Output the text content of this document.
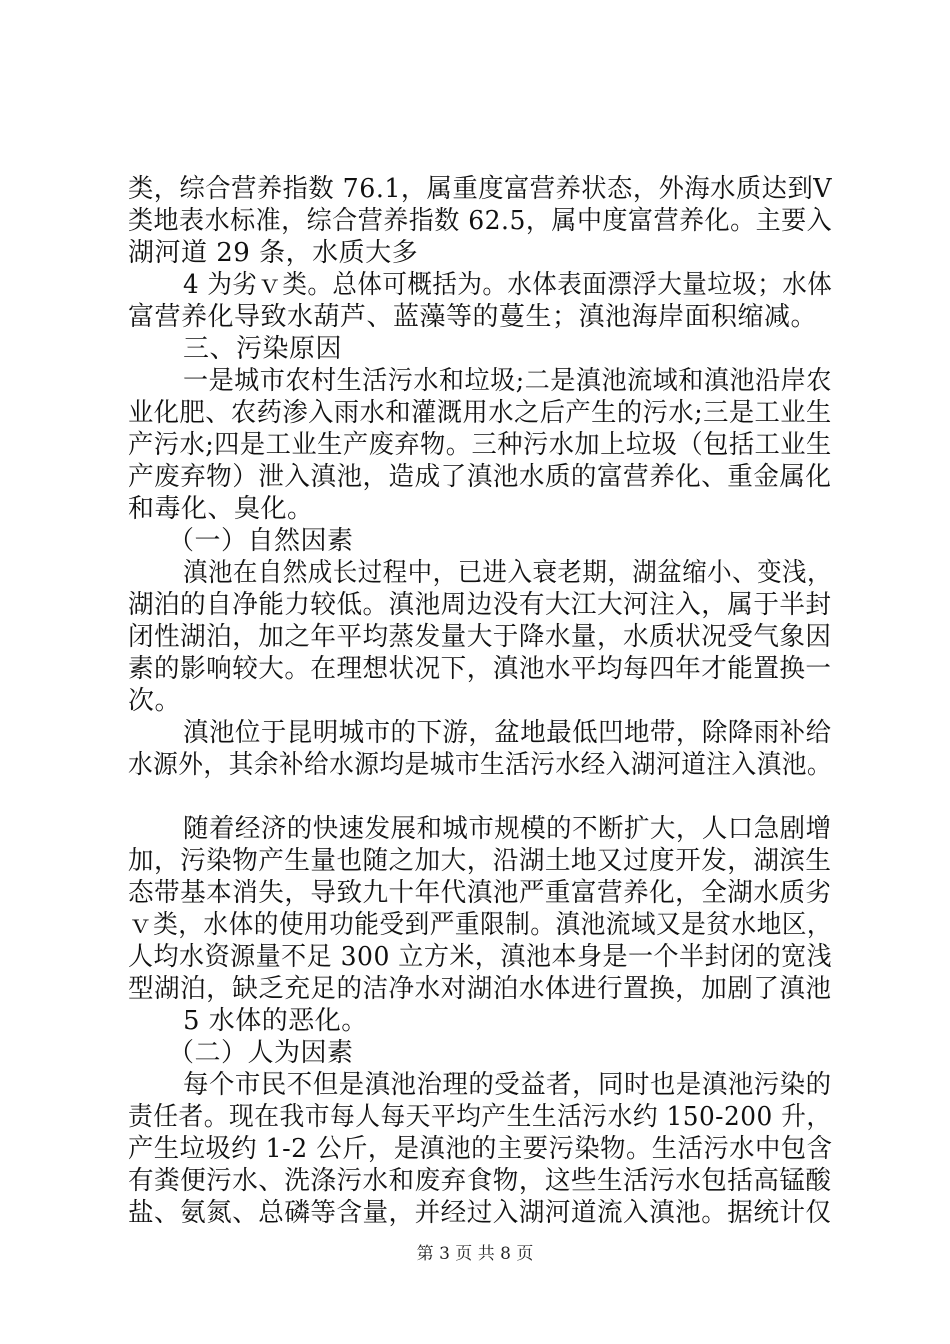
类，综合营养指数 76.1，属重度富营养状态，外海水质达到Ⅴ
类地表水标准，综合营养指数 62.5，属中度富营养化。主要入
湖河道 29 条，水质大多
4 为劣ｖ类。总体可概括为。水体表面漂浮大量垃圾；水体
富营养化导致水葫芦、蓝藻等的蔓生；滇池海岸面积缩减。
三、污染原因
一是城市农村生活污水和垃圾;二是滇池流域和滇池沿岸农
业化肥、农药渗入雨水和灌溉用水之后产生的污水;三是工业生
产污水;四是工业生产废弃物。三种污水加上垃圾（包括工业生
产废弃物）泄入滇池，造成了滇池水质的富营养化、重金属化
和毒化、臭化。
（一）自然因素
滇池在自然成长过程中，已进入衰老期，湖盆缩小、变浅，
湖泊的自净能力较低。滇池周边没有大江大河注入，属于半封
闭性湖泊，加之年平均蒸发量大于降水量，水质状况受气象因
素的影响较大。在理想状况下，滇池水平均每四年才能置换一
次。
滇池位于昆明城市的下游，盆地最低凹地带，除降雨补给
水源外，其余补给水源均是城市生活污水经入湖河道注入滇池。
随着经济的快速发展和城市规模的不断扩大，人口急剧增
加，污染物产生量也随之加大，沿湖土地又过度开发，湖滨生
态带基本消失，导致九十年代滇池严重富营养化，全湖水质劣
ｖ类，水体的使用功能受到严重限制。滇池流域又是贫水地区，
人均水资源量不足 300 立方米，滇池本身是一个半封闭的宽浅
型湖泊，缺乏充足的洁净水对湖泊水体进行置换，加剧了滇池
5 水体的恶化。
（二）人为因素
每个市民不但是滇池治理的受益者，同时也是滇池污染的
责任者。现在我市每人每天平均产生生活污水约 150-200 升，
产生垃圾约 1-2 公斤，是滇池的主要污染物。生活污水中包含
有粪便污水、洗涤污水和废弃食物，这些生活污水包括高锰酸
盐、氨氮、总磷等含量，并经过入湖河道流入滇池。据统计仅
第 3 页 共 8 页
